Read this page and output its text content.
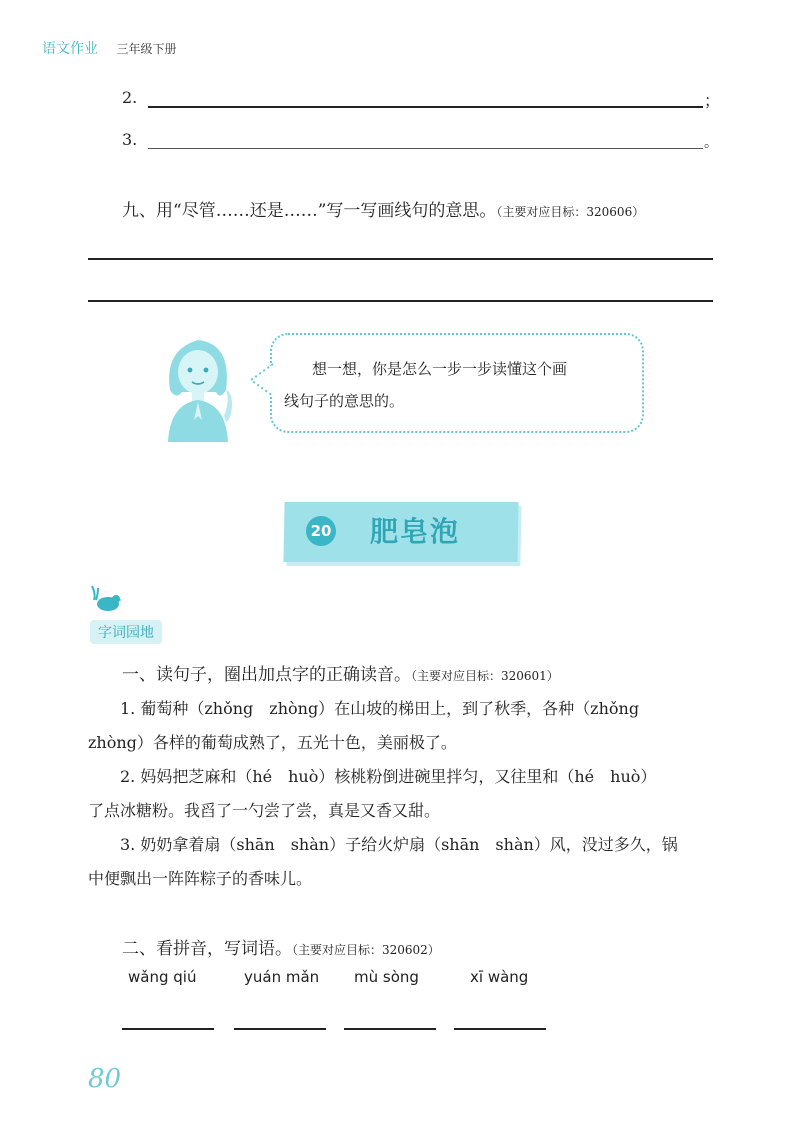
语文作业 三年级下册
2.	；
3.	。
九、用“尽管……还是……”写一写画线句的意思。（主要对应目标：320606）
想一想，你是怎么一步一步读懂这个画
线句子的意思的。
20 肥皂泡
字词园地
一、读句子，圈出加点字的正确读音。（主要对应目标：320601）
1. 葡萄种（zhǒng　zhòng）在山坡的梯田上，到了秋季，各种（zhǒng
zhòng）各样的葡萄成熟了，五光十色，美丽极了。
2. 妈妈把芝麻和（hé　huò）核桃粉倒进碗里拌匀，又往里和（hé　huò）
了点冰糖粉。我舀了一勺尝了尝，真是又香又甜。
3. 奶奶拿着扇（shān　shàn）子给火炉扇（shān　shàn）风，没过多久，锅
中便飘出一阵阵粽子的香味儿。
二、看拼音，写词语。（主要对应目标：320602）
wǎng qiú	yuán mǎn mù sòng	xī wàng
80
